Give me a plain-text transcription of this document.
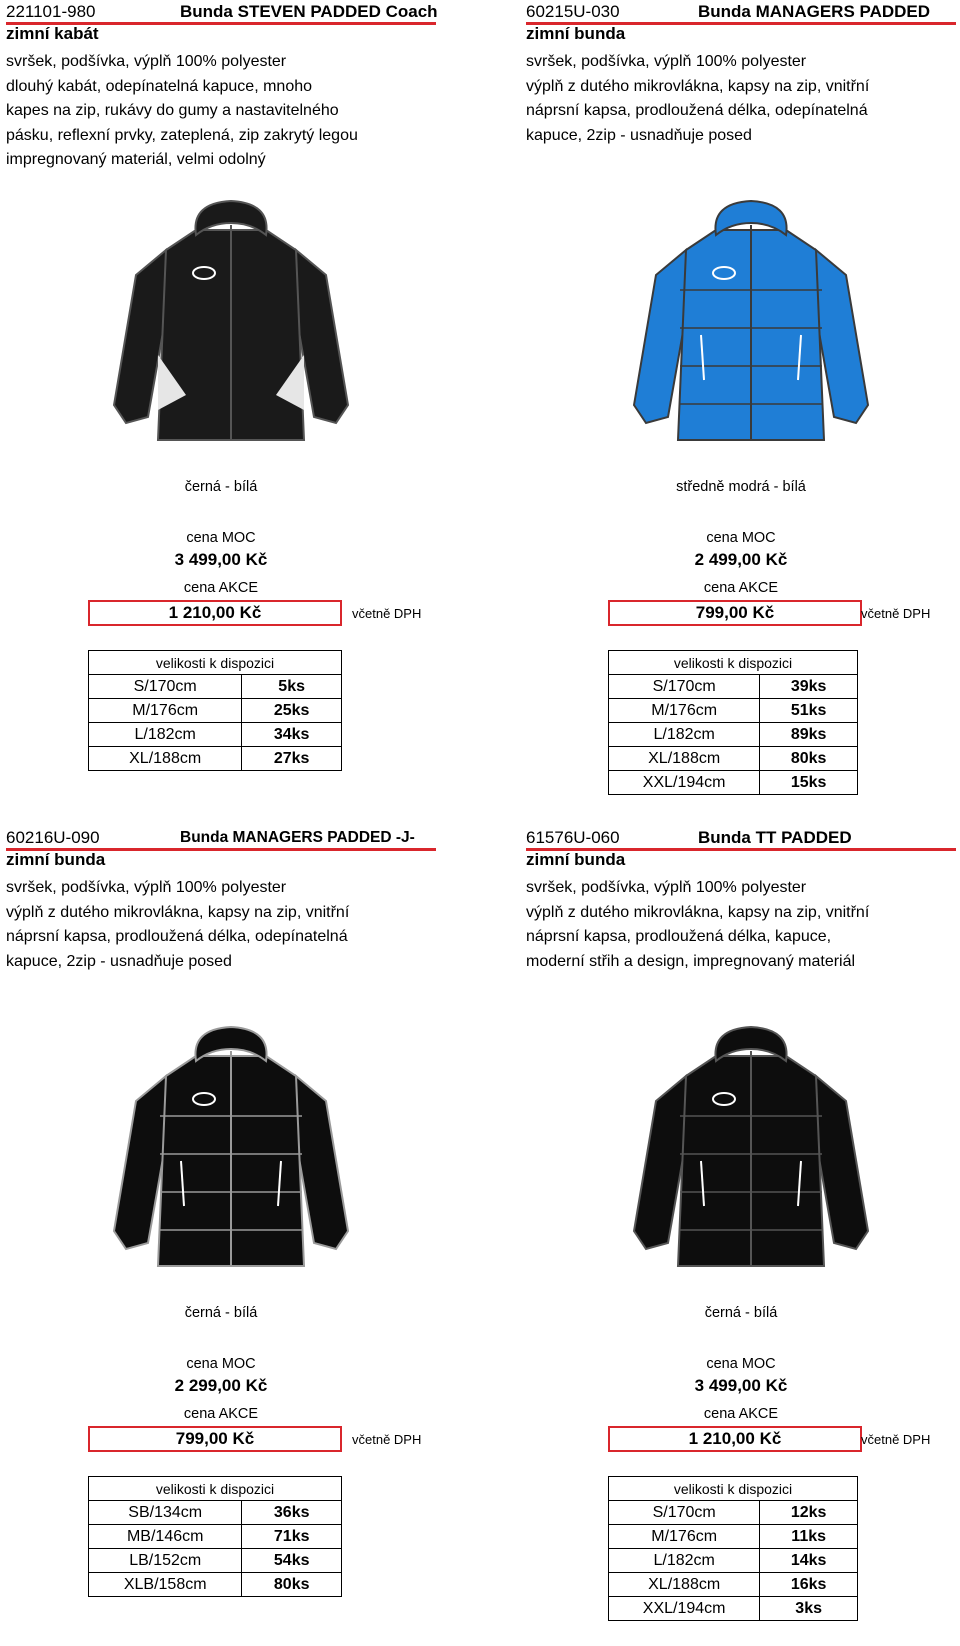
221101-980	Bunda STEVEN PADDED Coach
zimní kabát
svršek, podšívka, výplň 100% polyester
dlouhý kabát, odepínatelná kapuce, mnoho
kapes na zip, rukávy do gumy a nastavitelného
pásku, reflexní prvky, zateplená, zip zakrytý legou
impregnovaný materiál, velmi odolný
černá - bílá
cena MOC
3 499,00 Kč
cena AKCE
1 210,00 Kč	včetně DPH
velikosti k dispozici	
S/170cm	5ks
M/176cm	25ks
L/182cm	34ks
XL/188cm	27ks
60215U-030	Bunda MANAGERS PADDED
zimní bunda
svršek, podšívka, výplň 100% polyester
výplň z dutého mikrovlákna, kapsy na zip, vnitřní
náprsní kapsa, prodloužená délka, odepínatelná
kapuce, 2zip - usnadňuje posed
středně modrá - bílá
cena MOC
2 499,00 Kč
cena AKCE
799,00 Kč	včetně DPH
velikosti k dispozici	
S/170cm	39ks
M/176cm	51ks
L/182cm	89ks
XL/188cm	80ks
XXL/194cm	15ks
60216U-090	Bunda MANAGERS PADDED -J-
zimní bunda
svršek, podšívka, výplň 100% polyester
výplň z dutého mikrovlákna, kapsy na zip, vnitřní
náprsní kapsa, prodloužená délka, odepínatelná
kapuce, 2zip - usnadňuje posed
černá - bílá
cena MOC
2 299,00 Kč
cena AKCE
799,00 Kč	včetně DPH
velikosti k dispozici	
SB/134cm	36ks
MB/146cm	71ks
LB/152cm	54ks
XLB/158cm	80ks
61576U-060	Bunda TT PADDED
zimní bunda
svršek, podšívka, výplň 100% polyester
výplň z dutého mikrovlákna, kapsy na zip, vnitřní
náprsní kapsa, prodloužená délka, kapuce,
moderní střih a design, impregnovaný materiál
černá - bílá
cena MOC
3 499,00 Kč
cena AKCE
1 210,00 Kč	včetně DPH
velikosti k dispozici	
S/170cm	12ks
M/176cm	11ks
L/182cm	14ks
XL/188cm	16ks
XXL/194cm	3ks
